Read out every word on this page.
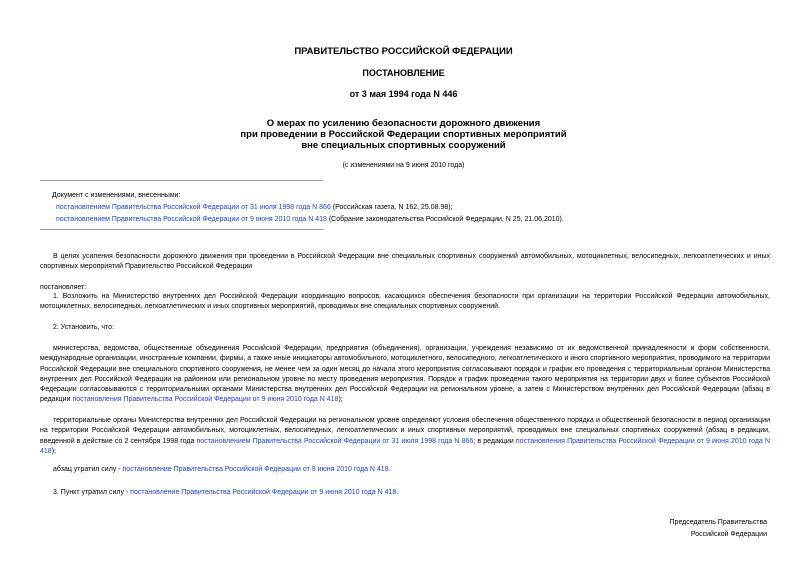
ПРАВИТЕЛЬСТВО РОССИЙСКОЙ ФЕДЕРАЦИИ
ПОСТАНОВЛЕНИЕ
от 3 мая 1994 года N 446
О мерах по усилению безопасности дорожного движения
при проведении в Российской Федерации спортивных мероприятий
вне специальных спортивных сооружений
(с изменениями на 9 июня 2010 года)
Документ с изменениями, внесенными:
постановлением Правительства Российской Федерации от 31 июля 1998 года N 866 (Российская газета, N 162, 25.08.98);
постановлением Правительства Российской Федерации от 9 июня 2010 года N 418 (Собрание законодательства Российской Федерации, N 25, 21.06.2010).
В целях усиления безопасности дорожного движения при проведении в Российской Федерации вне специальных спортивных сооружений автомобильных, мотоциклетных, велосипедных, легкоатлетических и иных спортивных мероприятий Правительство Российской Федерации
постановляет:
1. Возложить на Министерство внутренних дел Российской Федерации координацию вопросов, касающихся обеспечения безопасности при организации на территории Российской Федерации автомобильных, мотоциклетных, велосипедных, легкоатлетических и иных спортивных мероприятий, проводимых вне специальных спортивных сооружений.
2. Установить, что:
министерства, ведомства, общественные объединения Российской Федерации, предприятия (объединения), организации, учреждения независимо от их ведомственной принадлежности и форм собственности, международные организации, иностранные компании, фирмы, а также иные инициаторы автомобильного, мотоциклетного, велосипедного, легкоатлетического и иного спортивного мероприятия, проводимого на территории Российской Федерации вне специального спортивного сооружения, не менее чем за один месяц до начала этого мероприятия согласовывают порядок и график его проведения с территориальным органом Министерства внутренних дел Российской Федерации на районном или региональном уровне по месту проведения мероприятия. Порядок и график проведения такого мероприятия на территории двух и более субъектов Российской Федерации согласовываются с территориальными органами Министерства внутренних дел Российской Федерации на региональном уровне, а затем с Министерством внутренних дел Российской Федерации (абзац в редакции постановления Правительства Российской Федерации от 9 июня 2010 года N 418);
территориальные органы Министерства внутренних дел Российской Федерации на региональном уровне определяют условия обеспечения общественного порядка и общественной безопасности в период организации на территории Российской Федерации автомобильных, мотоциклетных, велосипедных, легкоатлетических и иных спортивных мероприятий, проводимых вне специальных спортивных сооружений (абзац в редакции, введенной в действие со 2 сентября 1998 года постановлением Правительства Российской Федерации от 31 июля 1998 года N 866; в редакции постановления Правительства Российской Федерации от 9 июня 2010 года N 418);
абзац утратил силу - постановление Правительства Российской Федерации от 9 июня 2010 года N 418.
3. Пункт утратил силу - постановление Правительства Российской Федерации от 9 июня 2010 года N 418.
Председатель Правительства
Российской Федерации
